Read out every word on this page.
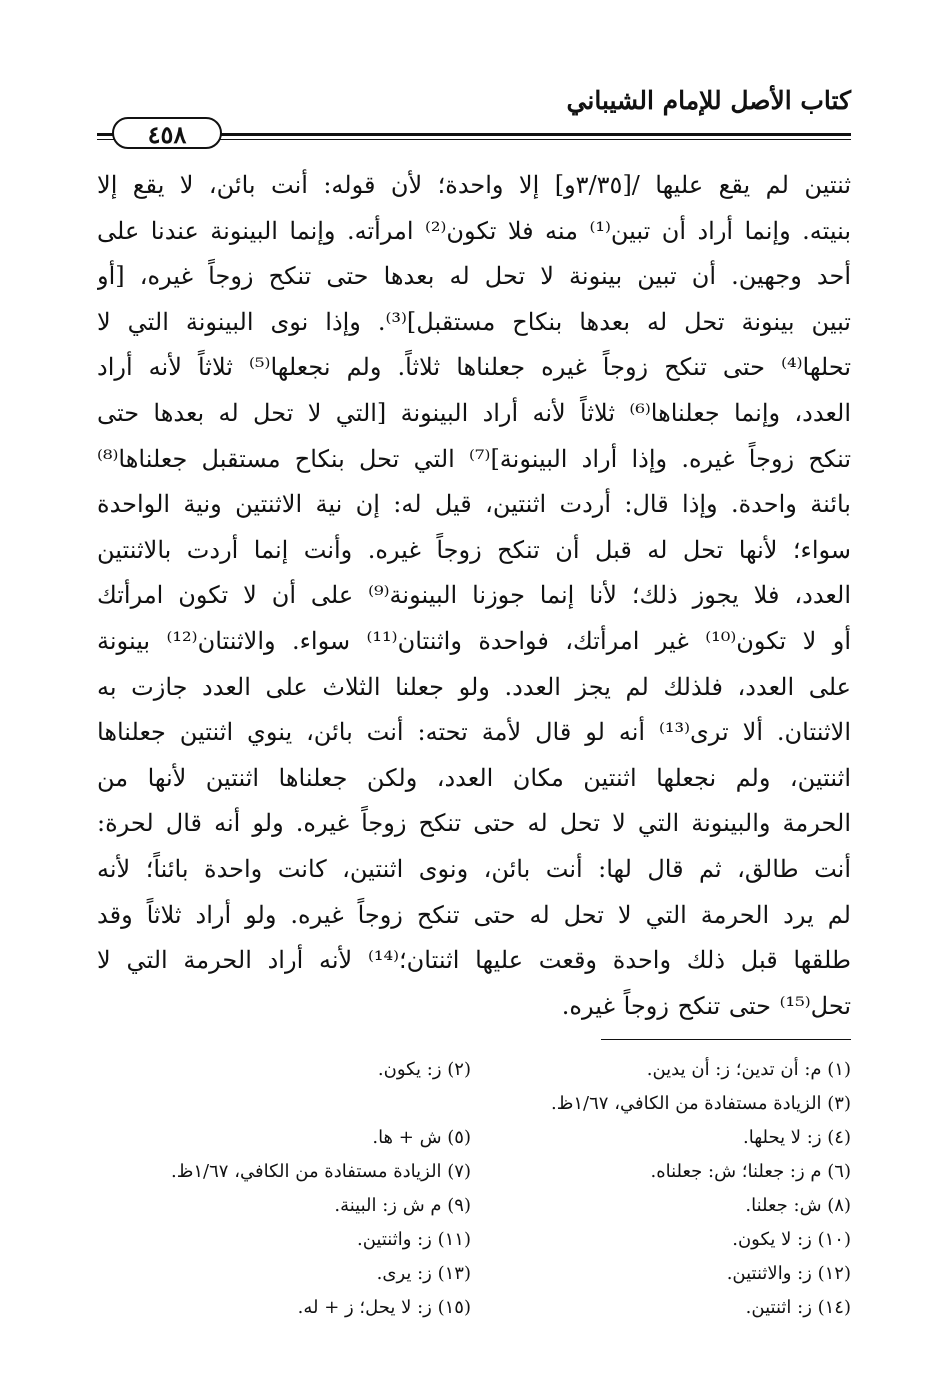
كتاب الأصل للإمام الشيباني
٤٥٨
ثنتين لم يقع عليها /[٣/٣٥و] إلا واحدة؛ لأن قوله: أنت بائن، لا يقع إلا
بنيته. وإنما أراد أن تبين⁽¹⁾ منه فلا تكون⁽²⁾ امرأته. وإنما البينونة عندنا على
أحد وجهين. أن تبين بينونة لا تحل له بعدها حتى تنكح زوجاً غيره، [أو
تبين بينونة تحل له بعدها بنكاح مستقبل]⁽³⁾. وإذا نوى البينونة التي لا
تحلها⁽⁴⁾ حتى تنكح زوجاً غيره جعلناها ثلاثاً. ولم نجعلها⁽⁵⁾ ثلاثاً لأنه أراد
العدد، وإنما جعلناها⁽⁶⁾ ثلاثاً لأنه أراد البينونة [التي لا تحل له بعدها حتى
تنكح زوجاً غيره. وإذا أراد البينونة]⁽⁷⁾ التي تحل بنكاح مستقبل جعلناها⁽⁸⁾
بائنة واحدة. وإذا قال: أردت اثنتين، قيل له: إن نية الاثنتين ونية الواحدة
سواء؛ لأنها تحل له قبل أن تنكح زوجاً غيره. وأنت إنما أردت بالاثنتين
العدد، فلا يجوز ذلك؛ لأنا إنما جوزنا البينونة⁽⁹⁾ على أن لا تكون امرأتك
أو لا تكون⁽¹⁰⁾ غير امرأتك، فواحدة واثنتان⁽¹¹⁾ سواء. والاثنتان⁽¹²⁾ بينونة
على العدد، فلذلك لم يجز العدد. ولو جعلنا الثلاث على العدد جازت به
الاثنتان. ألا ترى⁽¹³⁾ أنه لو قال لأمة تحته: أنت بائن، ينوي اثنتين جعلناها
اثنتين، ولم نجعلها اثنتين مكان العدد، ولكن جعلناها اثنتين لأنها من
الحرمة والبينونة التي لا تحل له حتى تنكح زوجاً غيره. ولو أنه قال لحرة:
أنت طالق، ثم قال لها: أنت بائن، ونوى اثنتين، كانت واحدة بائناً؛ لأنه
لم يرد الحرمة التي لا تحل له حتى تنكح زوجاً غيره. ولو أراد ثلاثاً وقد
طلقها قبل ذلك واحدة وقعت عليها اثنتان؛⁽¹⁴⁾ لأنه أراد الحرمة التي لا
تحل⁽¹⁵⁾ حتى تنكح زوجاً غيره.
(١) م: أن تدين؛ ز: أن يدين.
(٣) الزيادة مستفادة من الكافي، ١/٦٧ظ.
(٤) ز: لا يحلها.
(٦) م ز: جعلنا؛ ش: جعلناه.
(٨) ش: جعلنا.
(١٠) ز: لا يكون.
(١٢) ز: والاثنتين.
(١٤) ز: اثنتين.
(٢) ز: يكون.
(٥) ش + ها.
(٧) الزيادة مستفادة من الكافي، ١/٦٧ظ.
(٩) م ش ز: البينة.
(١١) ز: واثنتين.
(١٣) ز: يرى.
(١٥) ز: لا يحل؛ ز + له.
